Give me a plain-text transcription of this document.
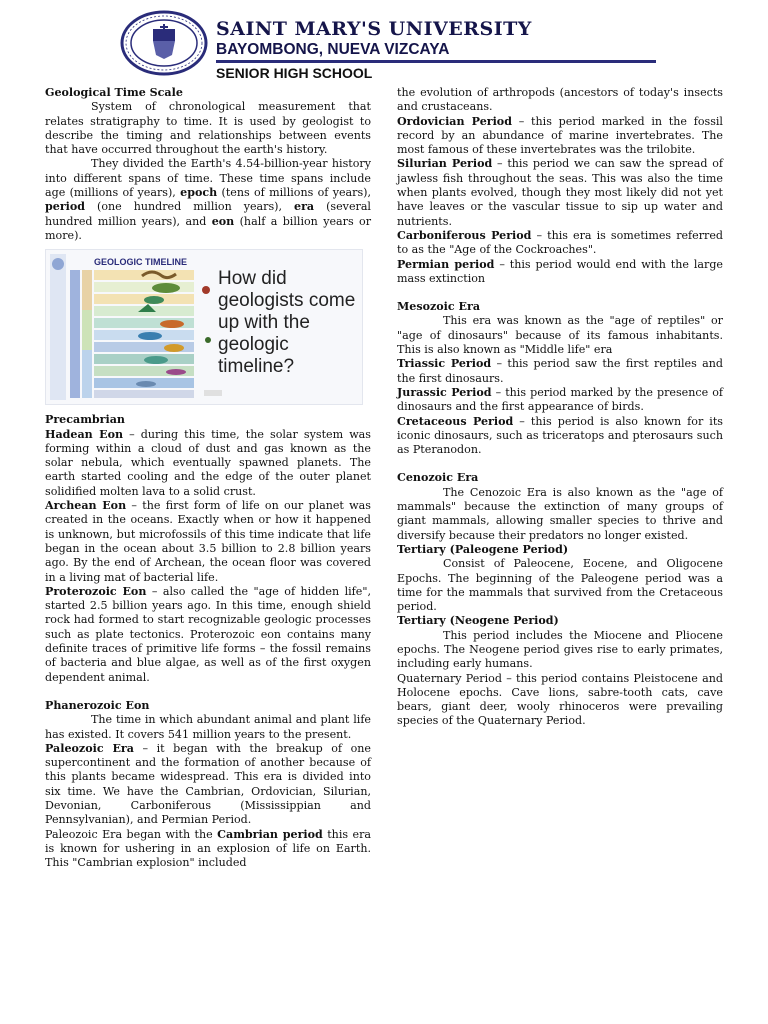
SAINT MARY'S UNIVERSITY
BAYOMBONG, NUEVA VIZCAYA
SENIOR HIGH SCHOOL

Geological Time Scale

System of chronological measurement that relates stratigraphy to time. It is used by geologist to describe the timing and relationships between events that have occurred throughout the earth's history.

They divided the Earth's 4.54-billion-year history into different spans of time. These time spans include age (millions of years), epoch (tens of millions of years), period (one hundred million years), era (several hundred million years), and eon (half a billion years or more).

GEOLOGIC TIMELINE
How did geologists come up with the geologic timeline?

Precambrian

Hadean Eon – during this time, the solar system was forming within a cloud of dust and gas known as the solar nebula, which eventually spawned planets. The earth started cooling and the edge of the outer planet solidified molten lava to a solid crust.

Archean Eon – the first form of life on our planet was created in the oceans. Exactly when or how it happened is unknown, but microfossils of this time indicate that life began in the ocean about 3.5 billion to 2.8 billion years ago. By the end of Archean, the ocean floor was covered in a living mat of bacterial life.

Proterozoic Eon – also called the "age of hidden life", started 2.5 billion years ago. In this time, enough shield rock had formed to start recognizable geologic processes such as plate tectonics. Proterozoic eon contains many definite traces of primitive life forms – the fossil remains of bacteria and blue algae, as well as of the first oxygen dependent animal.

Phanerozoic Eon

The time in which abundant animal and plant life has existed. It covers 541 million years to the present.

Paleozoic Era – it began with the breakup of one supercontinent and the formation of another because of this plants became widespread. This era is divided into six time. We have the Cambrian, Ordovician, Silurian, Devonian, Carboniferous (Mississippian and Pennsylvanian), and Permian Period.

Paleozoic Era began with the Cambrian period this era is known for ushering in an explosion of life on Earth. This "Cambrian explosion" included

the evolution of arthropods (ancestors of today's insects and crustaceans.

Ordovician Period – this period marked in the fossil record by an abundance of marine invertebrates. The most famous of these invertebrates was the trilobite.

Silurian Period – this period we can saw the spread of jawless fish throughout the seas. This was also the time when plants evolved, though they most likely did not yet have leaves or the vascular tissue to sip up water and nutrients.

Carboniferous Period – this era is sometimes referred to as the "Age of the Cockroaches".

Permian period – this period would end with the large mass extinction

Mesozoic Era

This era was known as the "age of reptiles" or "age of dinosaurs" because of its famous inhabitants. This is also known as "Middle life" era

Triassic Period – this period saw the first reptiles and the first dinosaurs.

Jurassic Period – this period marked by the presence of dinosaurs and the first appearance of birds.

Cretaceous Period – this period is also known for its iconic dinosaurs, such as triceratops and pterosaurs such as Pteranodon.

Cenozoic Era

The Cenozoic Era is also known as the "age of mammals" because the extinction of many groups of giant mammals, allowing smaller species to thrive and diversify because their predators no longer existed.

Tertiary (Paleogene Period)

Consist of Paleocene, Eocene, and Oligocene Epochs. The beginning of the Paleogene period was a time for the mammals that survived from the Cretaceous period.

Tertiary (Neogene Period)

This period includes the Miocene and Pliocene epochs. The Neogene period gives rise to early primates, including early humans.

Quaternary Period – this period contains Pleistocene and Holocene epochs. Cave lions, sabre-tooth cats, cave bears, giant deer, wooly rhinoceros were prevailing species of the Quaternary Period.
